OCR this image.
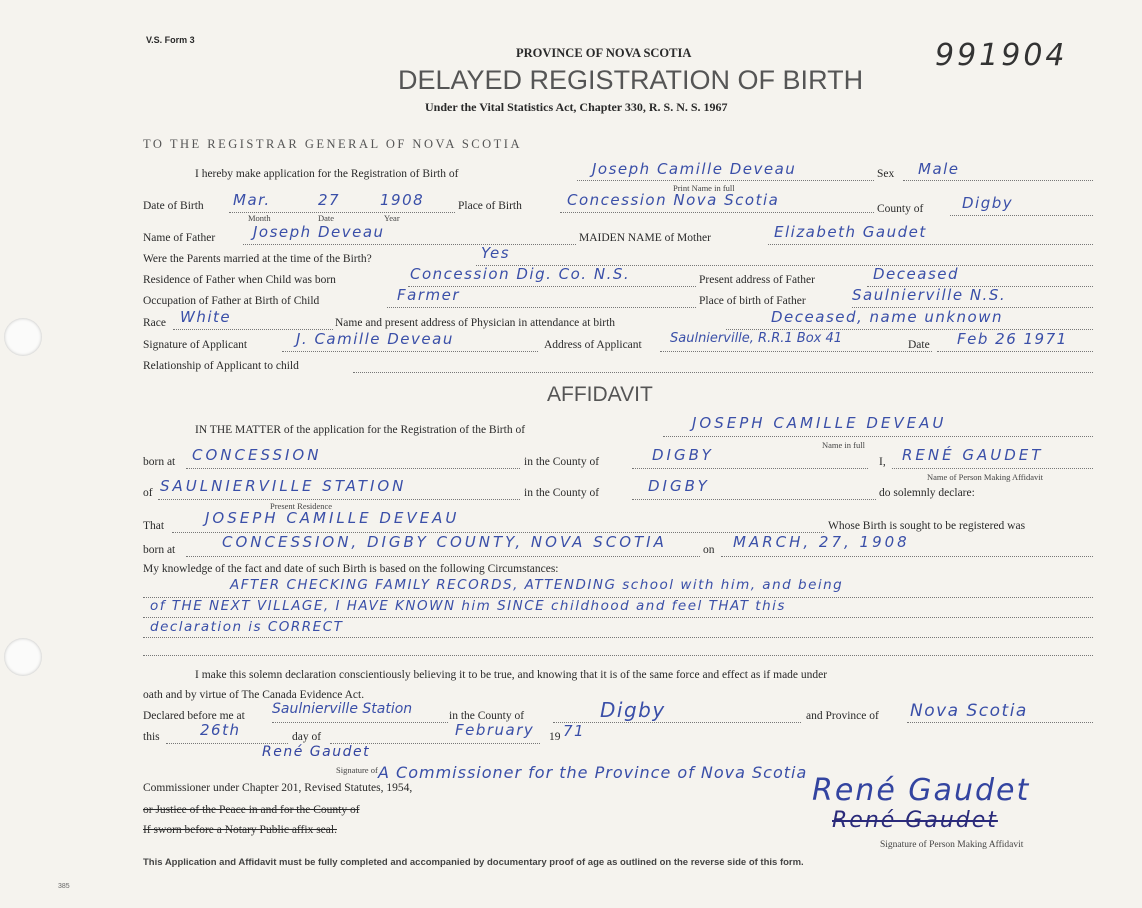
V.S. Form 3	991904
PROVINCE OF NOVA SCOTIA
DELAYED REGISTRATION OF BIRTH
Under the Vital Statistics Act, Chapter 330, R. S. N. S. 1967
TO THE REGISTRAR GENERAL OF NOVA SCOTIA
I hereby make application for the Registration of Birth of	Joseph Camille Deveau	Sex Male
Print Name in full
Date of Birth Mar.	27	1908
Month	Date	Year
Place of Birth	Concession Nova Scotia	County of	Digby
Name of Father	Joseph Deveau	MAIDEN NAME of Mother	Elizabeth Gaudet
Were the Parents married at the time of the Birth?	Yes
Residence of Father when Child was born	Concession Dig. Co. N.S.	Present address of Father	Deceased
Occupation of Father at Birth of Child	Farmer	Place of birth of Father	Saulnierville N.S.
Race White	Name and present address of Physician in attendance at birth	Deceased, name unknown
Signature of Applicant	J. Camille Deveau	Address of Applicant Saulnierville, R.R.1 Box 41	Date Feb 26 1971
Relationship of Applicant to child
AFFIDAVIT
IN THE MATTER of the application for the Registration of the Birth of	JOSEPH CAMILLE DEVEAU
Name in full
born at CONCESSION	in the County of	DIGBY	I, RENÉ GAUDET
Name of Person Making Affidavit
of SAULNIERVILLE STATION
Present Residence
in the County of	DIGBY	do solemnly declare:
That	JOSEPH CAMILLE DEVEAU	Whose Birth is sought to be registered was
born at	CONCESSION, DIGBY COUNTY, NOVA SCOTIA	on MARCH, 27, 1908
My knowledge of the fact and date of such Birth is based on the following Circumstances:
AFTER CHECKING FAMILY RECORDS, ATTENDING school with him, and being
of THE NEXT VILLAGE, I HAVE KNOWN him SINCE childhood and feel THAT this
declaration is CORRECT
I make this solemn declaration conscientiously believing it to be true, and knowing that it is of the same force and effect as if made under
oath and by virtue of The Canada Evidence Act.
Declared before me at Saulnierville Station	in the County of	Digby	and Province of Nova Scotia
this	26th	day of	February 19 71
René Gaudet
Signature of A Commissioner for the Province of Nova Scotia
Commissioner under Chapter 201, Revised Statutes, 1954,
or Justice of the Peace in and for the County of
If sworn before a Notary Public affix seal.
René Gaudet
René Gaudet
Signature of Person Making Affidavit
This Application and Affidavit must be fully completed and accompanied by documentary proof of age as outlined on the reverse side of this form.
385
